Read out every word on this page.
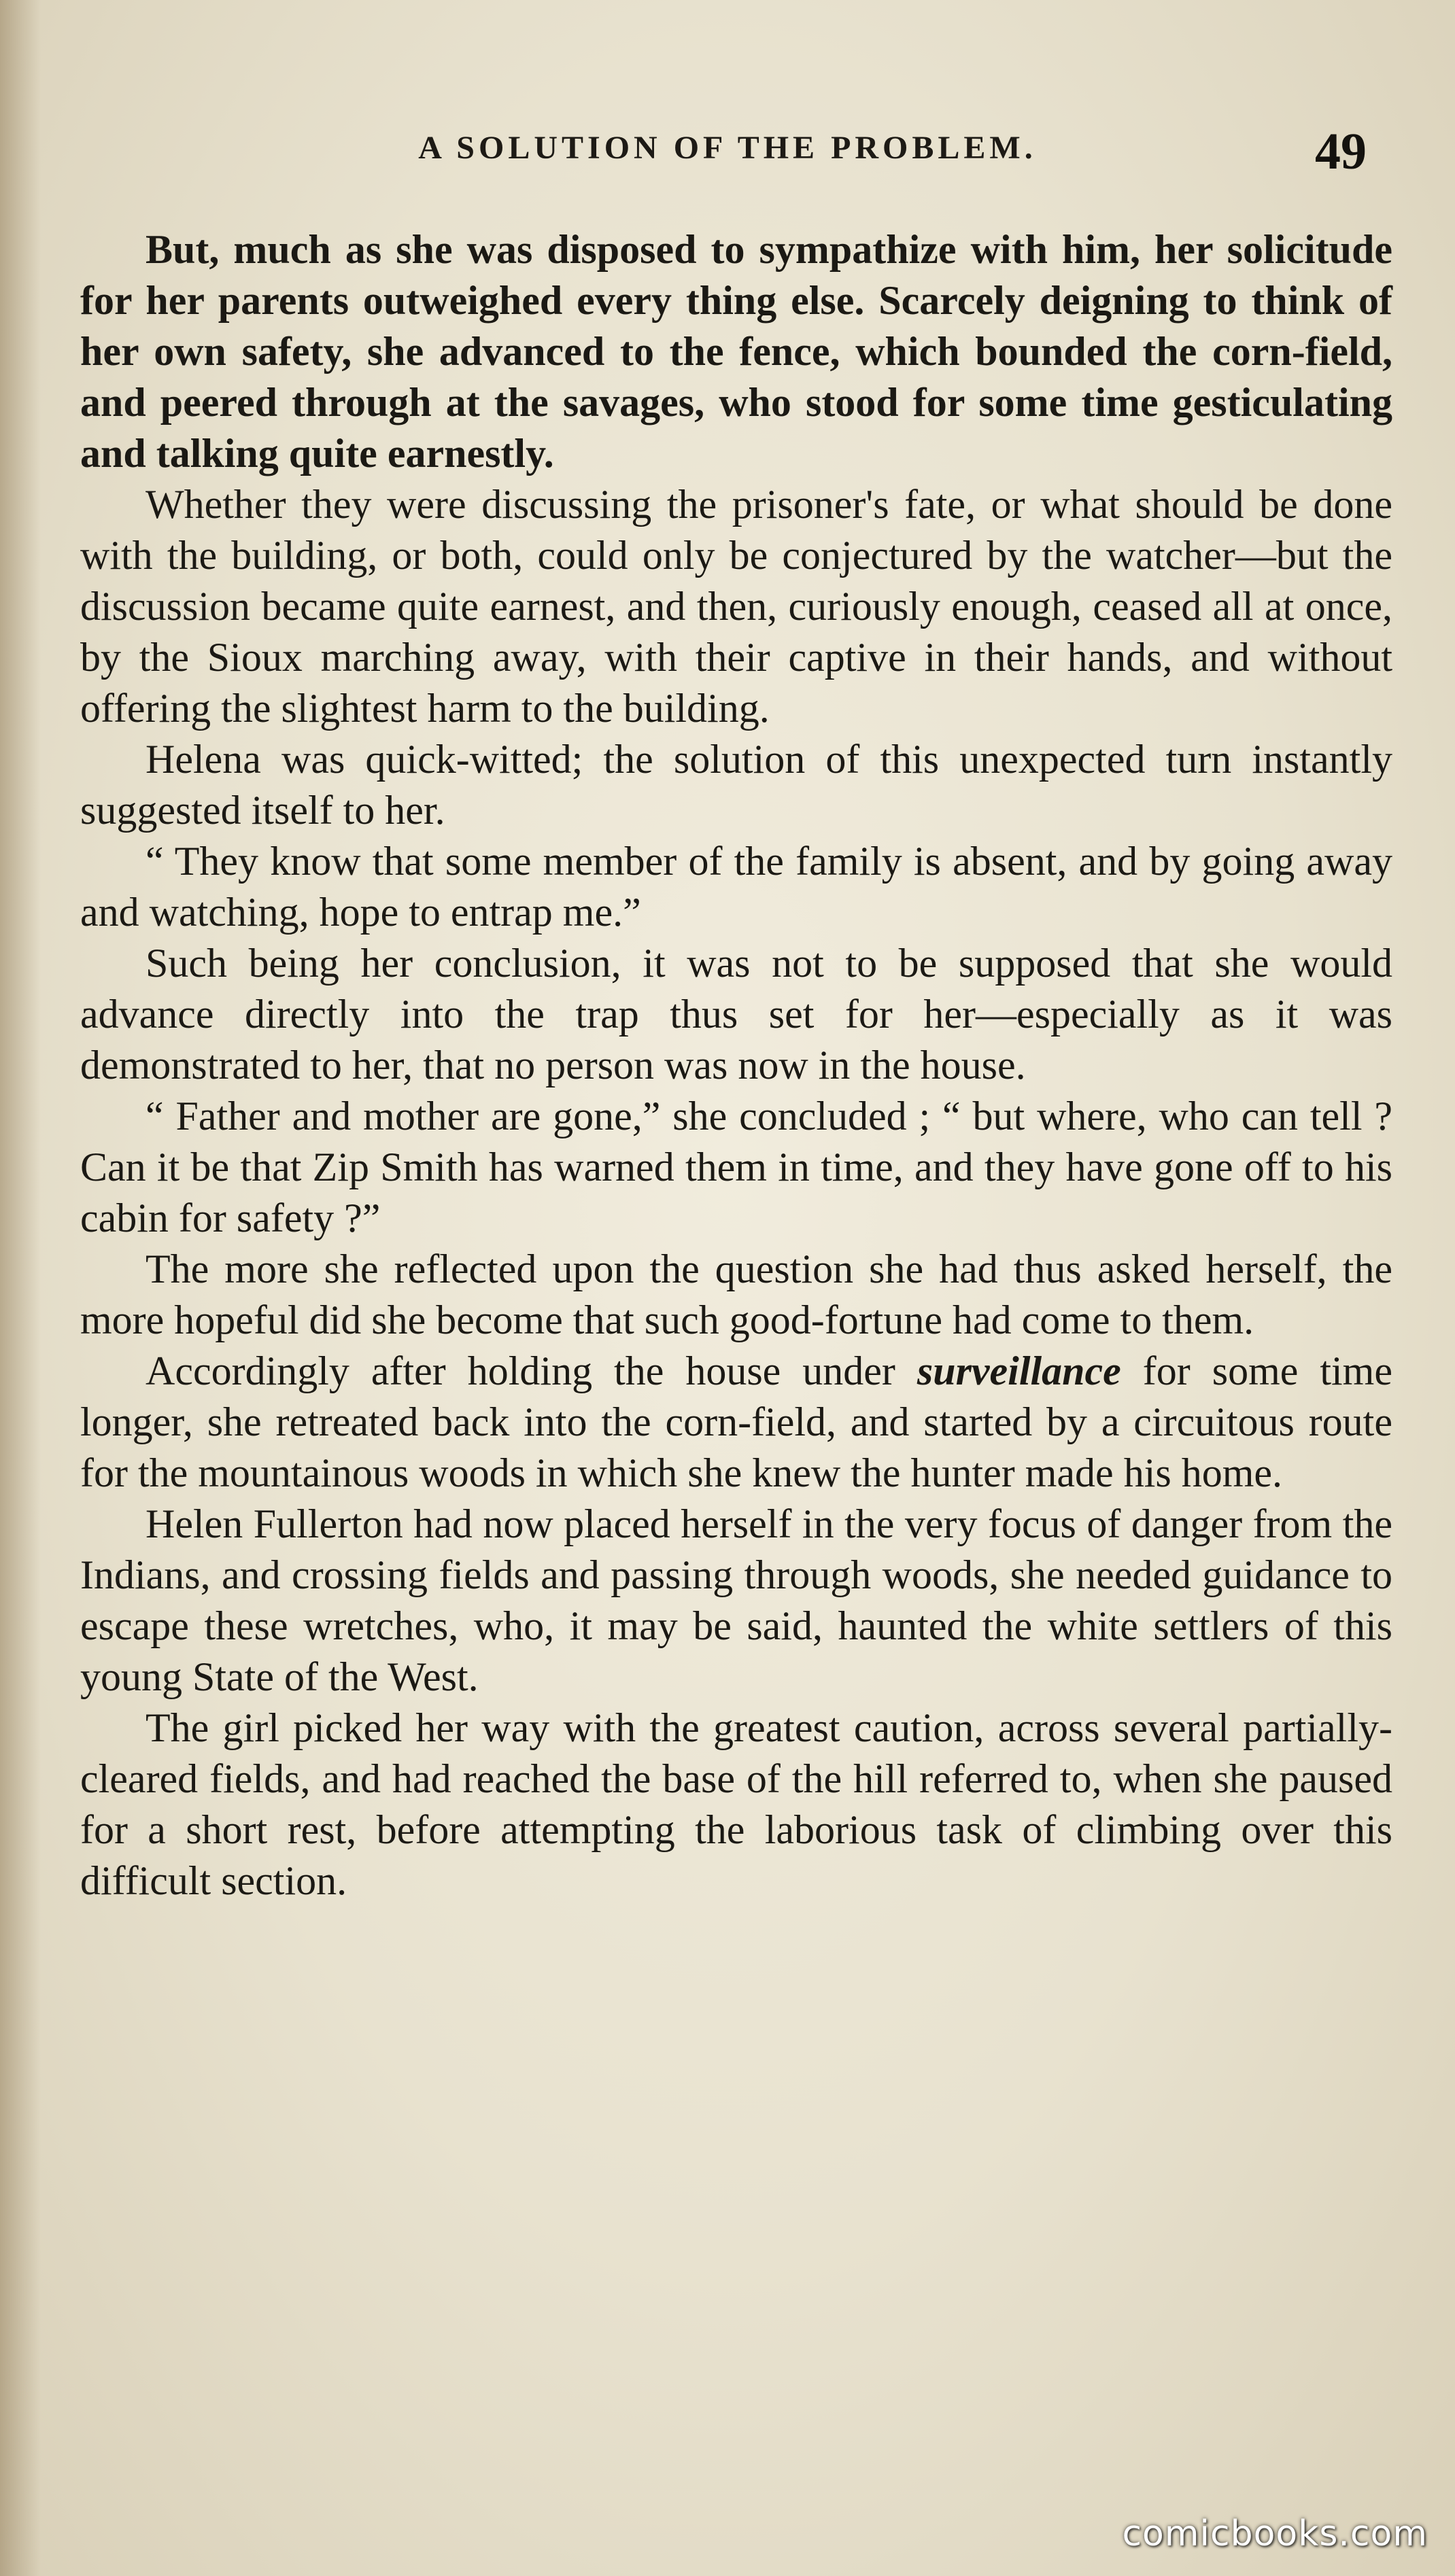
A SOLUTION OF THE PROBLEM.	49

But, much as she was disposed to sympathize with him, her solicitude for her parents outweighed every thing else. Scarcely deigning to think of her own safety, she advanced to the fence, which bounded the corn-field, and peered through at the savages, who stood for some time gesticulating and talking quite earnestly.

Whether they were discussing the prisoner's fate, or what should be done with the building, or both, could only be conjectured by the watcher—but the discussion became quite earnest, and then, curiously enough, ceased all at once, by the Sioux marching away, with their captive in their hands, and without offering the slightest harm to the building.

Helena was quick-witted; the solution of this unexpected turn instantly suggested itself to her.

“ They know that some member of the family is absent, and by going away and watching, hope to entrap me.”

Such being her conclusion, it was not to be supposed that she would advance directly into the trap thus set for her—especially as it was demonstrated to her, that no person was now in the house.

“ Father and mother are gone,” she concluded ; “ but where, who can tell ? Can it be that Zip Smith has warned them in time, and they have gone off to his cabin for safety ?”

The more she reflected upon the question she had thus asked herself, the more hopeful did she become that such good-fortune had come to them.

Accordingly after holding the house under surveillance for some time longer, she retreated back into the corn-field, and started by a circuitous route for the mountainous woods in which she knew the hunter made his home.

Helen Fullerton had now placed herself in the very focus of danger from the Indians, and crossing fields and passing through woods, she needed guidance to escape these wretches, who, it may be said, haunted the white settlers of this young State of the West.

The girl picked her way with the greatest caution, across several partially-cleared fields, and had reached the base of the hill referred to, when she paused for a short rest, before attempting the laborious task of climbing over this difficult section.

comicbooks.com
